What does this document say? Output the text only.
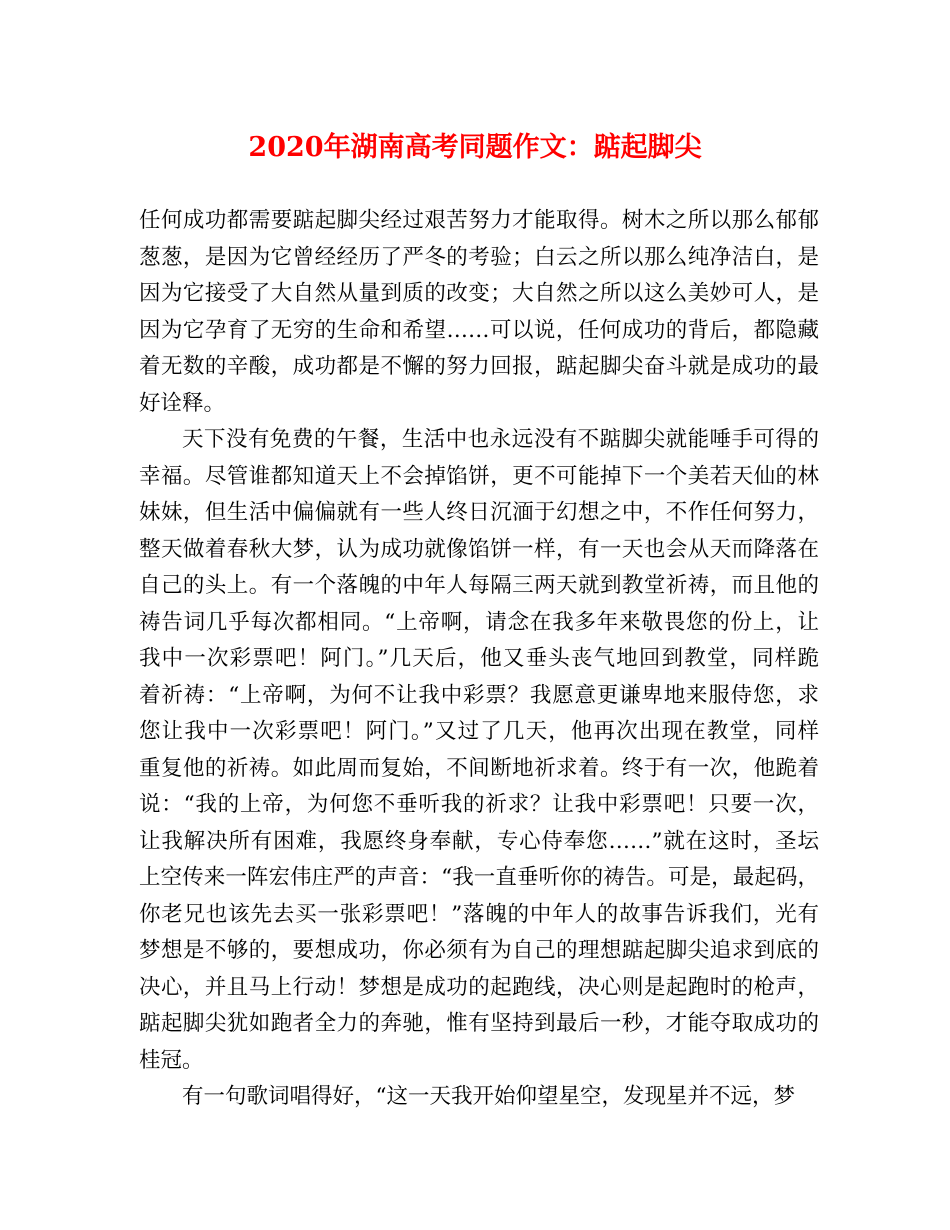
2020年湖南高考同题作文：踮起脚尖
任何成功都需要踮起脚尖经过艰苦努力才能取得。树木之所以那么郁郁
葱葱，是因为它曾经经历了严冬的考验；白云之所以那么纯净洁白，是
因为它接受了大自然从量到质的改变；大自然之所以这么美妙可人，是
因为它孕育了无穷的生命和希望……可以说，任何成功的背后，都隐藏
着无数的辛酸，成功都是不懈的努力回报，踮起脚尖奋斗就是成功的最
好诠释。
天下没有免费的午餐，生活中也永远没有不踮脚尖就能唾手可得的
幸福。尽管谁都知道天上不会掉馅饼，更不可能掉下一个美若天仙的林
妹妹，但生活中偏偏就有一些人终日沉湎于幻想之中，不作任何努力，
整天做着春秋大梦，认为成功就像馅饼一样，有一天也会从天而降落在
自己的头上。有一个落魄的中年人每隔三两天就到教堂祈祷，而且他的
祷告词几乎每次都相同。“上帝啊，请念在我多年来敬畏您的份上，让
我中一次彩票吧！阿门。”几天后，他又垂头丧气地回到教堂，同样跪
着祈祷：“上帝啊，为何不让我中彩票？我愿意更谦卑地来服侍您，求
您让我中一次彩票吧！阿门。”又过了几天，他再次出现在教堂，同样
重复他的祈祷。如此周而复始，不间断地祈求着。终于有一次，他跪着
说：“我的上帝，为何您不垂听我的祈求？让我中彩票吧！只要一次，
让我解决所有困难，我愿终身奉献，专心侍奉您……”就在这时，圣坛
上空传来一阵宏伟庄严的声音：“我一直垂听你的祷告。可是，最起码，
你老兄也该先去买一张彩票吧！”落魄的中年人的故事告诉我们，光有
梦想是不够的，要想成功，你必须有为自己的理想踮起脚尖追求到底的
决心，并且马上行动！梦想是成功的起跑线，决心则是起跑时的枪声，
踮起脚尖犹如跑者全力的奔驰，惟有坚持到最后一秒，才能夺取成功的
桂冠。
有一句歌词唱得好，“这一天我开始仰望星空，发现星并不远，梦
